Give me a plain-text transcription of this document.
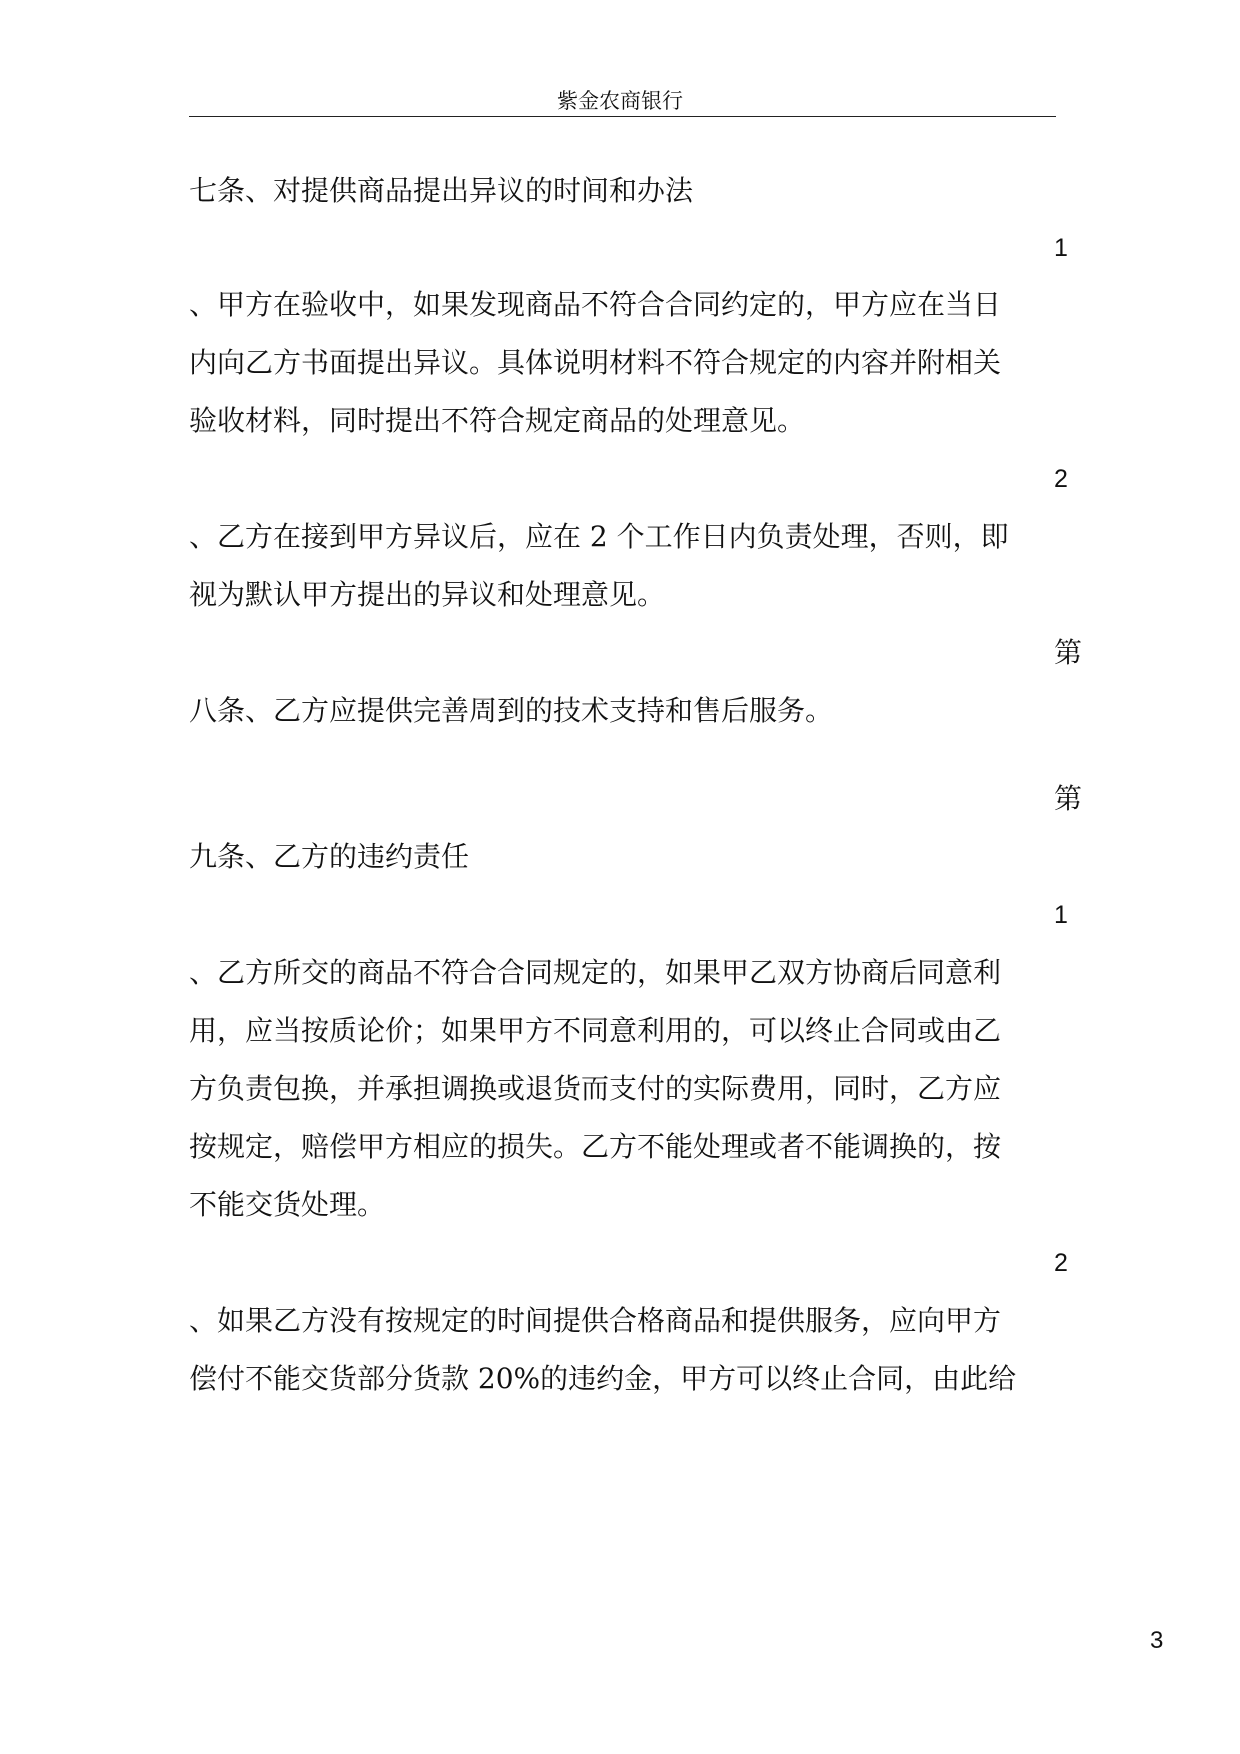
紫金农商银行
七条、对提供商品提出异议的时间和办法
1
、甲方在验收中，如果发现商品不符合合同约定的，甲方应在当日
内向乙方书面提出异议。具体说明材料不符合规定的内容并附相关
验收材料，同时提出不符合规定商品的处理意见。
2
、乙方在接到甲方异议后，应在 2 个工作日内负责处理，否则，即
视为默认甲方提出的异议和处理意见。
第
八条、乙方应提供完善周到的技术支持和售后服务。
第
九条、乙方的违约责任
1
、乙方所交的商品不符合合同规定的，如果甲乙双方协商后同意利
用，应当按质论价；如果甲方不同意利用的，可以终止合同或由乙
方负责包换，并承担调换或退货而支付的实际费用，同时，乙方应
按规定，赔偿甲方相应的损失。乙方不能处理或者不能调换的，按
不能交货处理。
2
、如果乙方没有按规定的时间提供合格商品和提供服务，应向甲方
偿付不能交货部分货款 20%的违约金，甲方可以终止合同，由此给
3
